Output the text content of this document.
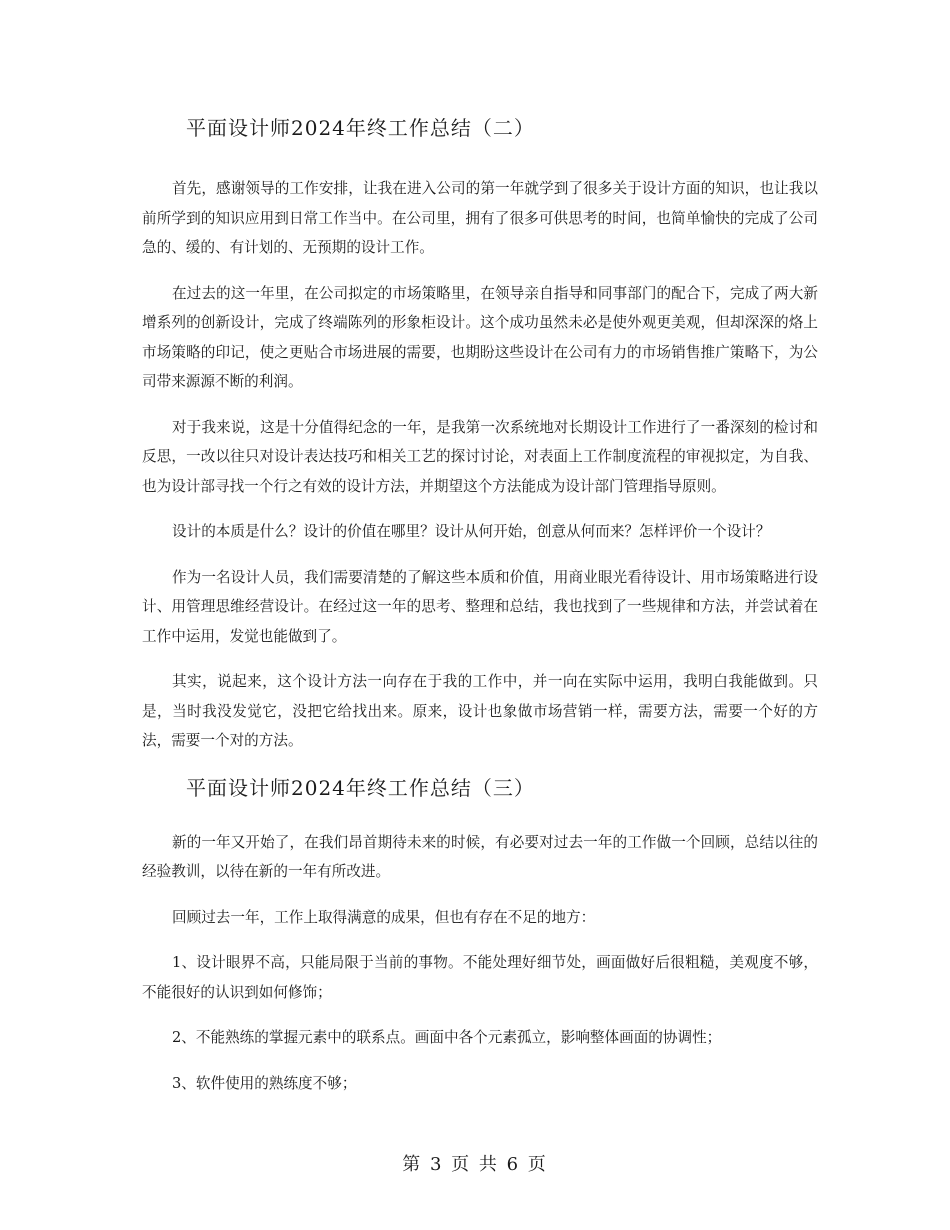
平面设计师2024年终工作总结（二）

首先，感谢领导的工作安排，让我在进入公司的第一年就学到了很多关于设计方面的知识，也让我以前所学到的知识应用到日常工作当中。在公司里，拥有了很多可供思考的时间，也简单愉快的完成了公司急的、缓的、有计划的、无预期的设计工作。

在过去的这一年里，在公司拟定的市场策略里，在领导亲自指导和同事部门的配合下，完成了两大新增系列的创新设计，完成了终端陈列的形象柜设计。这个成功虽然未必是使外观更美观，但却深深的烙上市场策略的印记，使之更贴合市场进展的需要，也期盼这些设计在公司有力的市场销售推广策略下，为公司带来源源不断的利润。

对于我来说，这是十分值得纪念的一年，是我第一次系统地对长期设计工作进行了一番深刻的检讨和反思，一改以往只对设计表达技巧和相关工艺的探讨讨论，对表面上工作制度流程的审视拟定，为自我、也为设计部寻找一个行之有效的设计方法，并期望这个方法能成为设计部门管理指导原则。

设计的本质是什么？设计的价值在哪里？设计从何开始，创意从何而来？怎样评价一个设计？

作为一名设计人员，我们需要清楚的了解这些本质和价值，用商业眼光看待设计、用市场策略进行设计、用管理思维经营设计。在经过这一年的思考、整理和总结，我也找到了一些规律和方法，并尝试着在工作中运用，发觉也能做到了。

其实，说起来，这个设计方法一向存在于我的工作中，并一向在实际中运用，我明白我能做到。只是，当时我没发觉它，没把它给找出来。原来，设计也象做市场营销一样，需要方法，需要一个好的方法，需要一个对的方法。

平面设计师2024年终工作总结（三）

新的一年又开始了，在我们昂首期待未来的时候，有必要对过去一年的工作做一个回顾，总结以往的经验教训，以待在新的一年有所改进。

回顾过去一年，工作上取得满意的成果，但也有存在不足的地方：

1、设计眼界不高，只能局限于当前的事物。不能处理好细节处，画面做好后很粗糙，美观度不够，不能很好的认识到如何修饰；

2、不能熟练的掌握元素中的联系点。画面中各个元素孤立，影响整体画面的协调性；

3、软件使用的熟练度不够；

第 3 页 共 6 页
